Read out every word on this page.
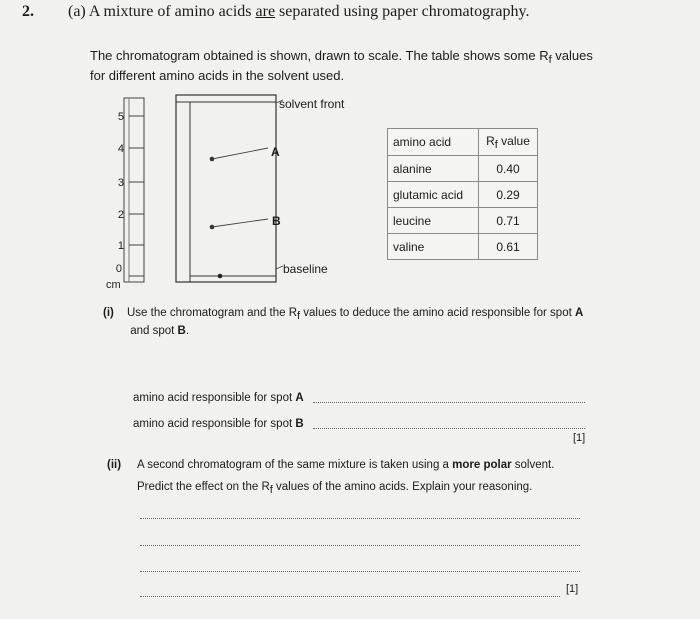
2. (a) A mixture of amino acids are separated using paper chromatography.
The chromatogram obtained is shown, drawn to scale. The table shows some $R_f$ values for different amino acids in the solvent used.
5
4
3
2
1
0
cm
A
B
solvent front
baseline
amino acid	Rf value
alanine	0.40
glutamic acid	0.29
leucine	0.71
valine	0.61
(i) Use the chromatogram and the Rf values to deduce the amino acid responsible for spot A
and spot B.
amino acid responsible for spot A
amino acid responsible for spot B
[1]
(ii) A second chromatogram of the same mixture is taken using a more polar solvent.
Predict the effect on the Rf values of the amino acids. Explain your reasoning.
[1]
